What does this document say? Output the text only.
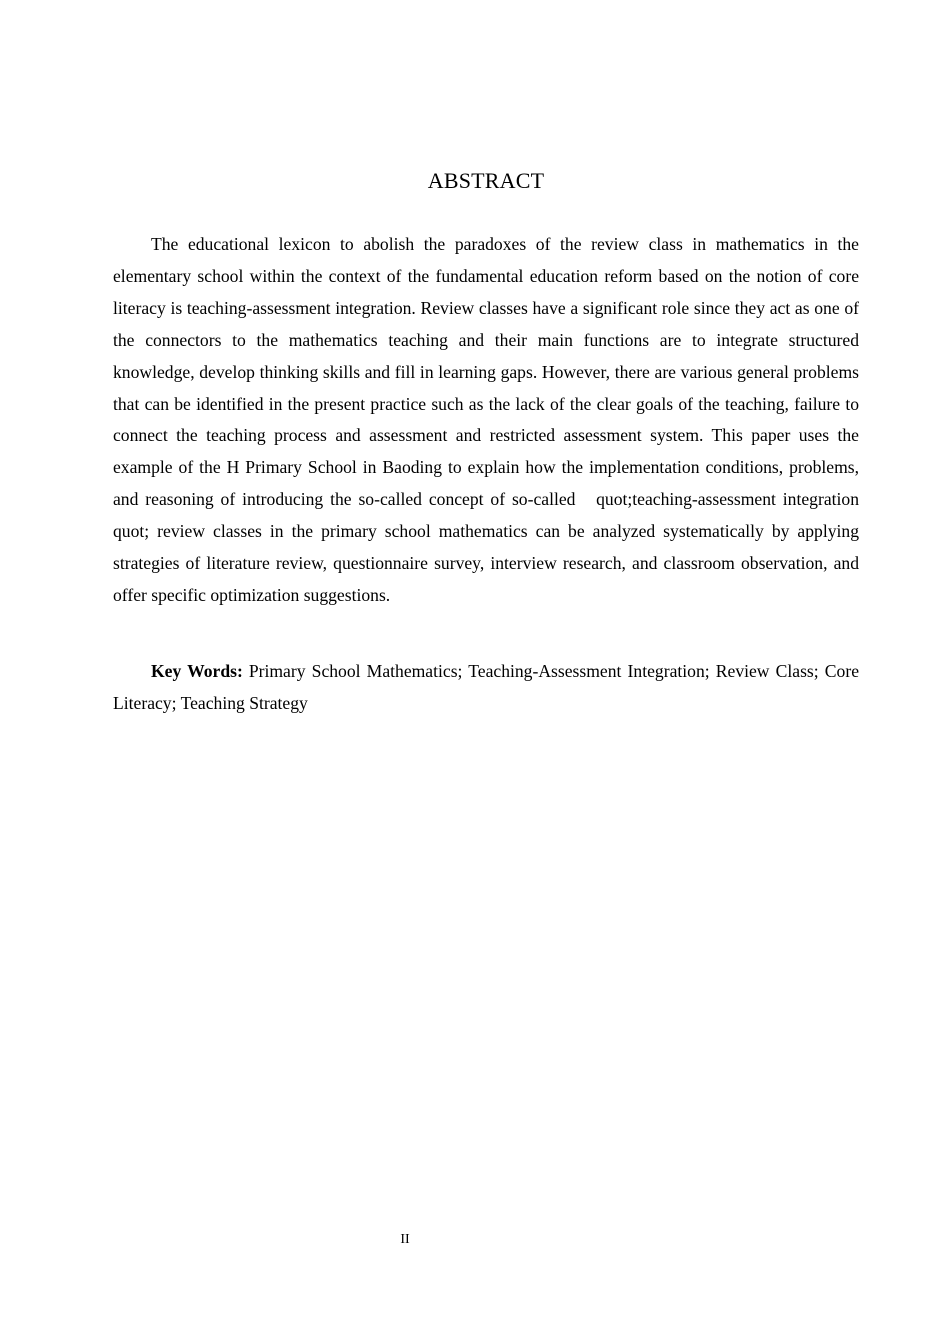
ABSTRACT

The educational lexicon to abolish the paradoxes of the review class in mathematics in the elementary school within the context of the fundamental education reform based on the notion of core literacy is teaching-assessment integration. Review classes have a significant role since they act as one of the connectors to the mathematics teaching and their main functions are to integrate structured knowledge, develop thinking skills and fill in learning gaps. However, there are various general problems that can be identified in the present practice such as the lack of the clear goals of the teaching, failure to connect the teaching process and assessment and restricted assessment system. This paper uses the example of the H Primary School in Baoding to explain how the implementation conditions, problems, and reasoning of introducing the so-called concept of so-called   quot;teaching-assessment integration quot; review classes in the primary school mathematics can be analyzed systematically by applying strategies of literature review, questionnaire survey, interview research, and classroom observation, and offer specific optimization suggestions.

Key Words: Primary School Mathematics; Teaching-Assessment Integration; Review Class; Core Literacy; Teaching Strategy

II
